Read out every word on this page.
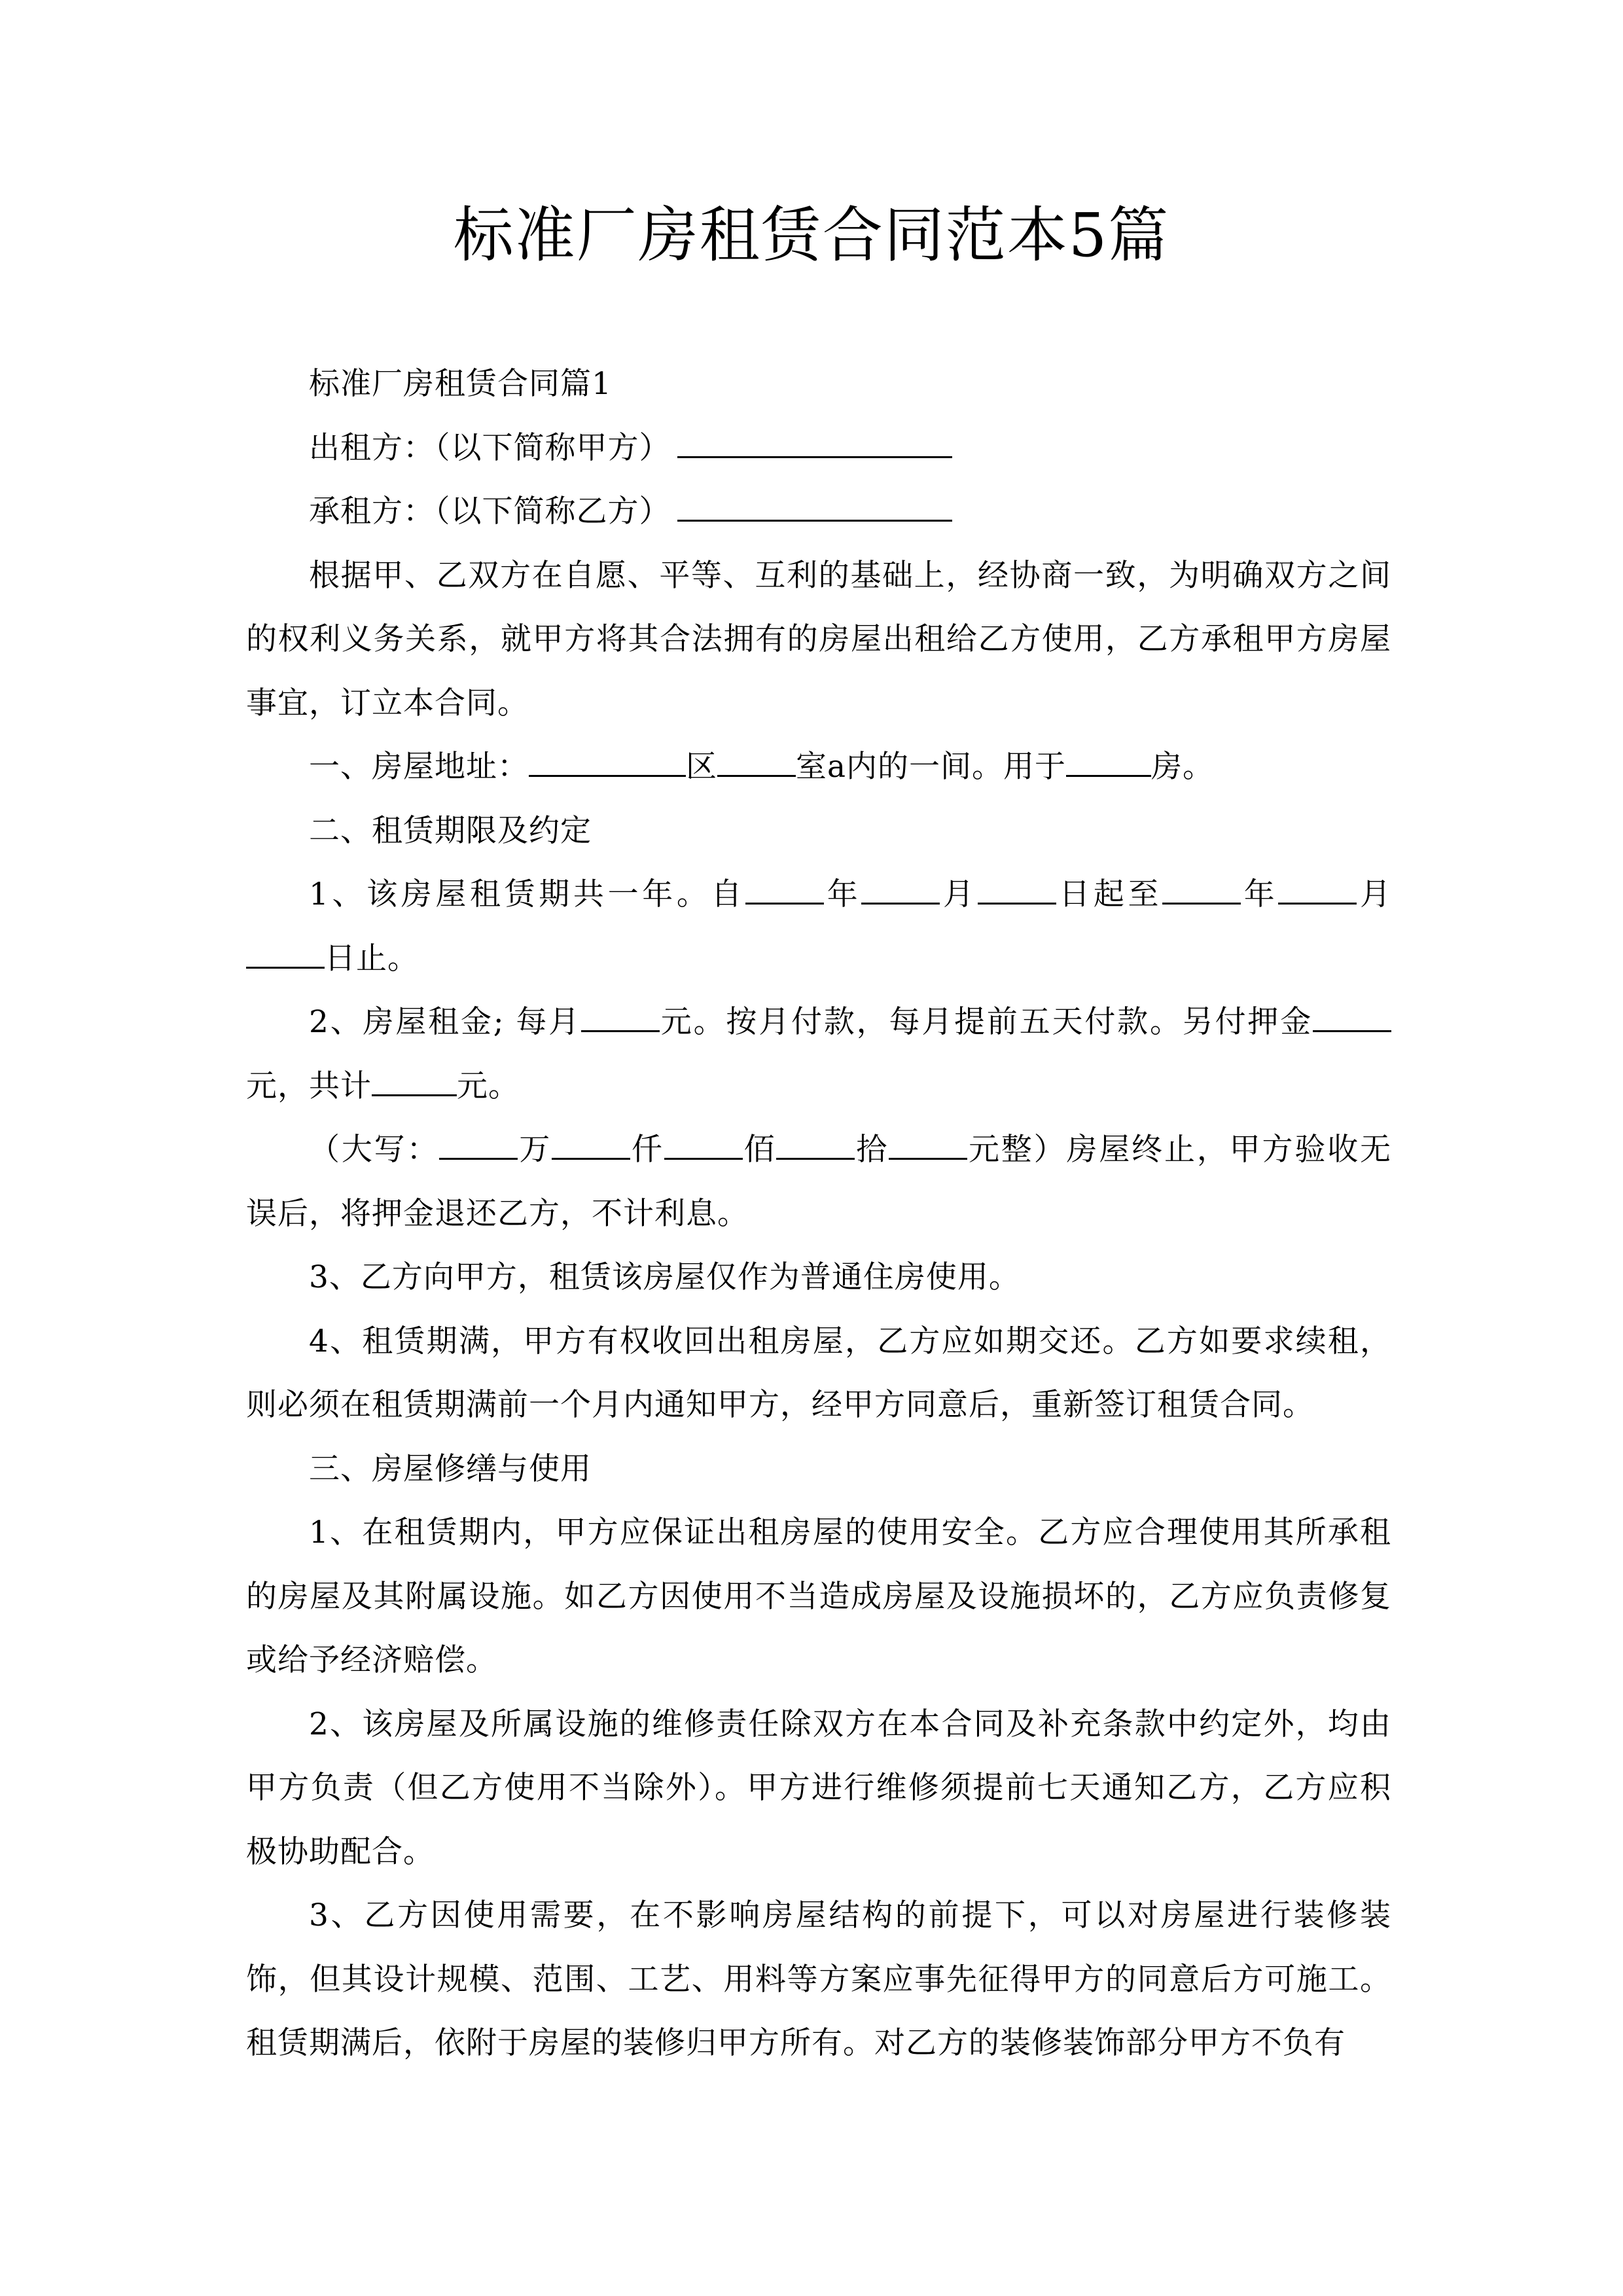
标准厂房租赁合同范本5篇

标准厂房租赁合同篇1

出租方：（以下简称甲方）

承租方：（以下简称乙方）

根据甲、乙双方在自愿、平等、互利的基础上，经协商一致，为明确双方之间的权利义务关系，就甲方将其合法拥有的房屋出租给乙方使用，乙方承租甲方房屋事宜，订立本合同。

一、房屋地址：	区	室a内的一间。用于	房。

二、租赁期限及约定

1、该房屋租赁期共一年。自	年	月	日起至	年	月日止。

2、房屋租金; 每月	元。按月付款，每月提前五天付款。另付押金元，共计	元。

（大写：	万	仟	佰	拾	元整）房屋终止，甲方验收无误后，将押金退还乙方，不计利息。

3、乙方向甲方，租赁该房屋仅作为普通住房使用。

4、租赁期满，甲方有权收回出租房屋，乙方应如期交还。乙方如要求续租，则必须在租赁期满前一个月内通知甲方，经甲方同意后，重新签订租赁合同。

三、房屋修缮与使用

1、在租赁期内，甲方应保证出租房屋的使用安全。乙方应合理使用其所承租的房屋及其附属设施。如乙方因使用不当造成房屋及设施损坏的，乙方应负责修复或给予经济赔偿。

2、该房屋及所属设施的维修责任除双方在本合同及补充条款中约定外，均由甲方负责（但乙方使用不当除外）。甲方进行维修须提前七天通知乙方，乙方应积极协助配合。

3、乙方因使用需要，在不影响房屋结构的前提下，可以对房屋进行装修装饰，但其设计规模、范围、工艺、用料等方案应事先征得甲方的同意后方可施工。租赁期满后，依附于房屋的装修归甲方所有。对乙方的装修装饰部分甲方不负有
